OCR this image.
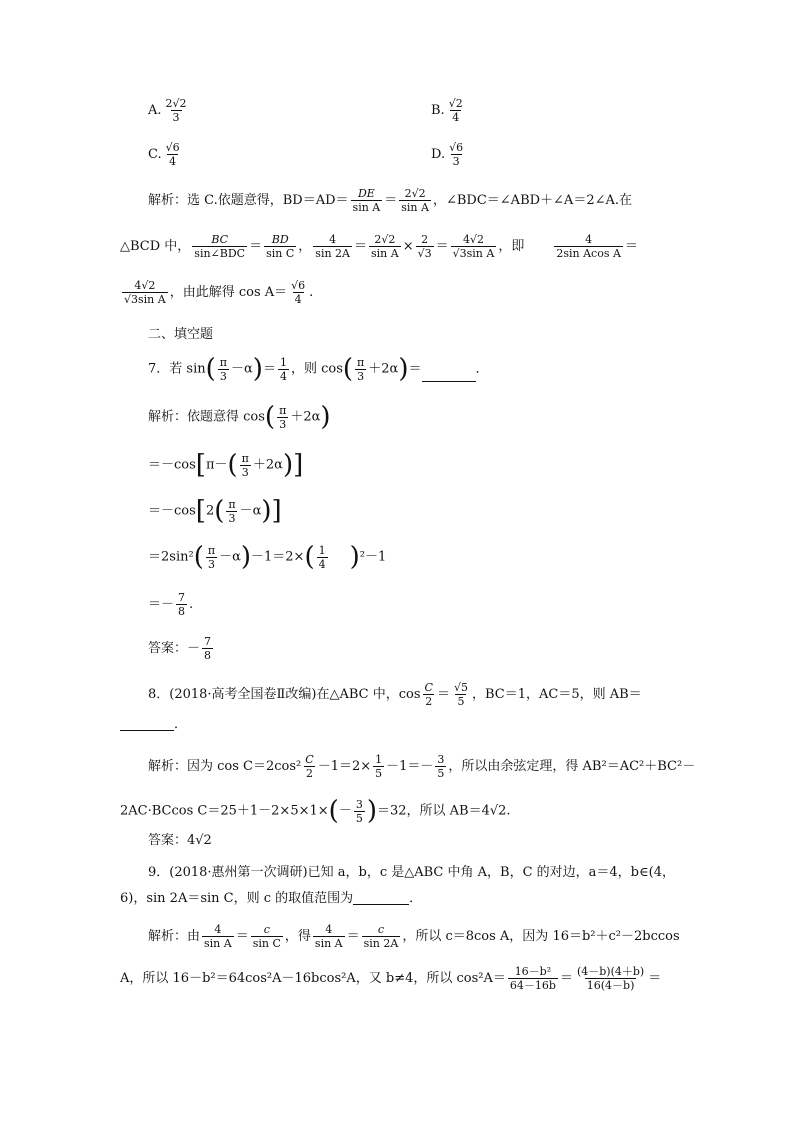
A. $\frac{2√2}{3}$	B. $\frac{√2}{4}$
C. $\frac{√6}{4}$	D. $\frac{√6}{3}$
解析：选 C.依题意得，$BD=AD= \frac{DE}{\text{sin A}} = \frac{2√2}{\text{sin A}}$ ，∠BDC＝∠ABD＋∠A＝2∠A.在
△BCD 中， BC
sin∠BDC ＝ $\frac{BD}{\text{sin C}}$ ， $\frac{4}{\sin 2A} = \frac{2√2}{\text{sin A}} \times \frac{2}{√3} = \frac{4√2}{\text{√3sin A}}$ ，即	$\frac{4}{\text{2sin Acos A}}$ ＝
$\frac{4√2}{\text{√3sin A}}$ ，由此解得 $\cos A= \frac{√6}{4}$ .
二、填空题
7．若 $\sin( \frac{\pi}{3} -\alpha)= \frac{1}{4}$ ，则 $\cos( \frac{\pi}{3} +2\alpha)=$	．
解析：依题意得 $\cos( \frac{\pi}{3} +2\alpha)$
$=-\cos[\pi-( \frac{\pi}{3} +2\alpha)]$
$=-\cos[2( \frac{\pi}{3} -\alpha)]$
$=2\sin^2( \frac{\pi}{3} -\alpha)-1=2\times( \frac{1}{4} )^2-1$
＝－ $\frac{7}{8}$ .
答案：－ $\frac{7}{8}$
8．(2018·高考全国卷Ⅱ改编)在△ABC 中，$\cos \frac{C}{2} = \frac{√5}{5}$ ，BC＝1，AC＝5，则 AB＝
．
解析：因为 $\cos C=2\cos^2 \frac{C}{2} -1=2\times \frac{1}{5} -1=- \frac{3}{5}$ ，所以由余弦定理，得 AB²＝AC²＋BC²－
2AC·BCcos $C=25+1-2\times 5\times 1\times(- \frac{3}{5} )=32$，所以 AB＝4√2.
答案：4√2
9．(2018·惠州第一次调研)已知 a，b，c 是△ABC 中角 A，B，C 的对边，a＝4，b∈(4，
6)，sin 2A＝sin C，则 c 的取值范围为	．
解析：由 $\frac{4}{\text{sin A}} = \frac{c}{\text{sin C}}$ ，得 $\frac{4}{\text{sin A}} = \frac{c}{\sin 2A}$ ，所以 c＝8cos A，因为 16＝b²＋c²－2bccos
A，所以 16－b²＝64cos²A－16bcos²A，又 b≠4，所以 $\cos^2A= \frac{\text{16－b²}}{64-16b} = \frac{(4-b)(4+b)}{16(4-b)}$ ＝
